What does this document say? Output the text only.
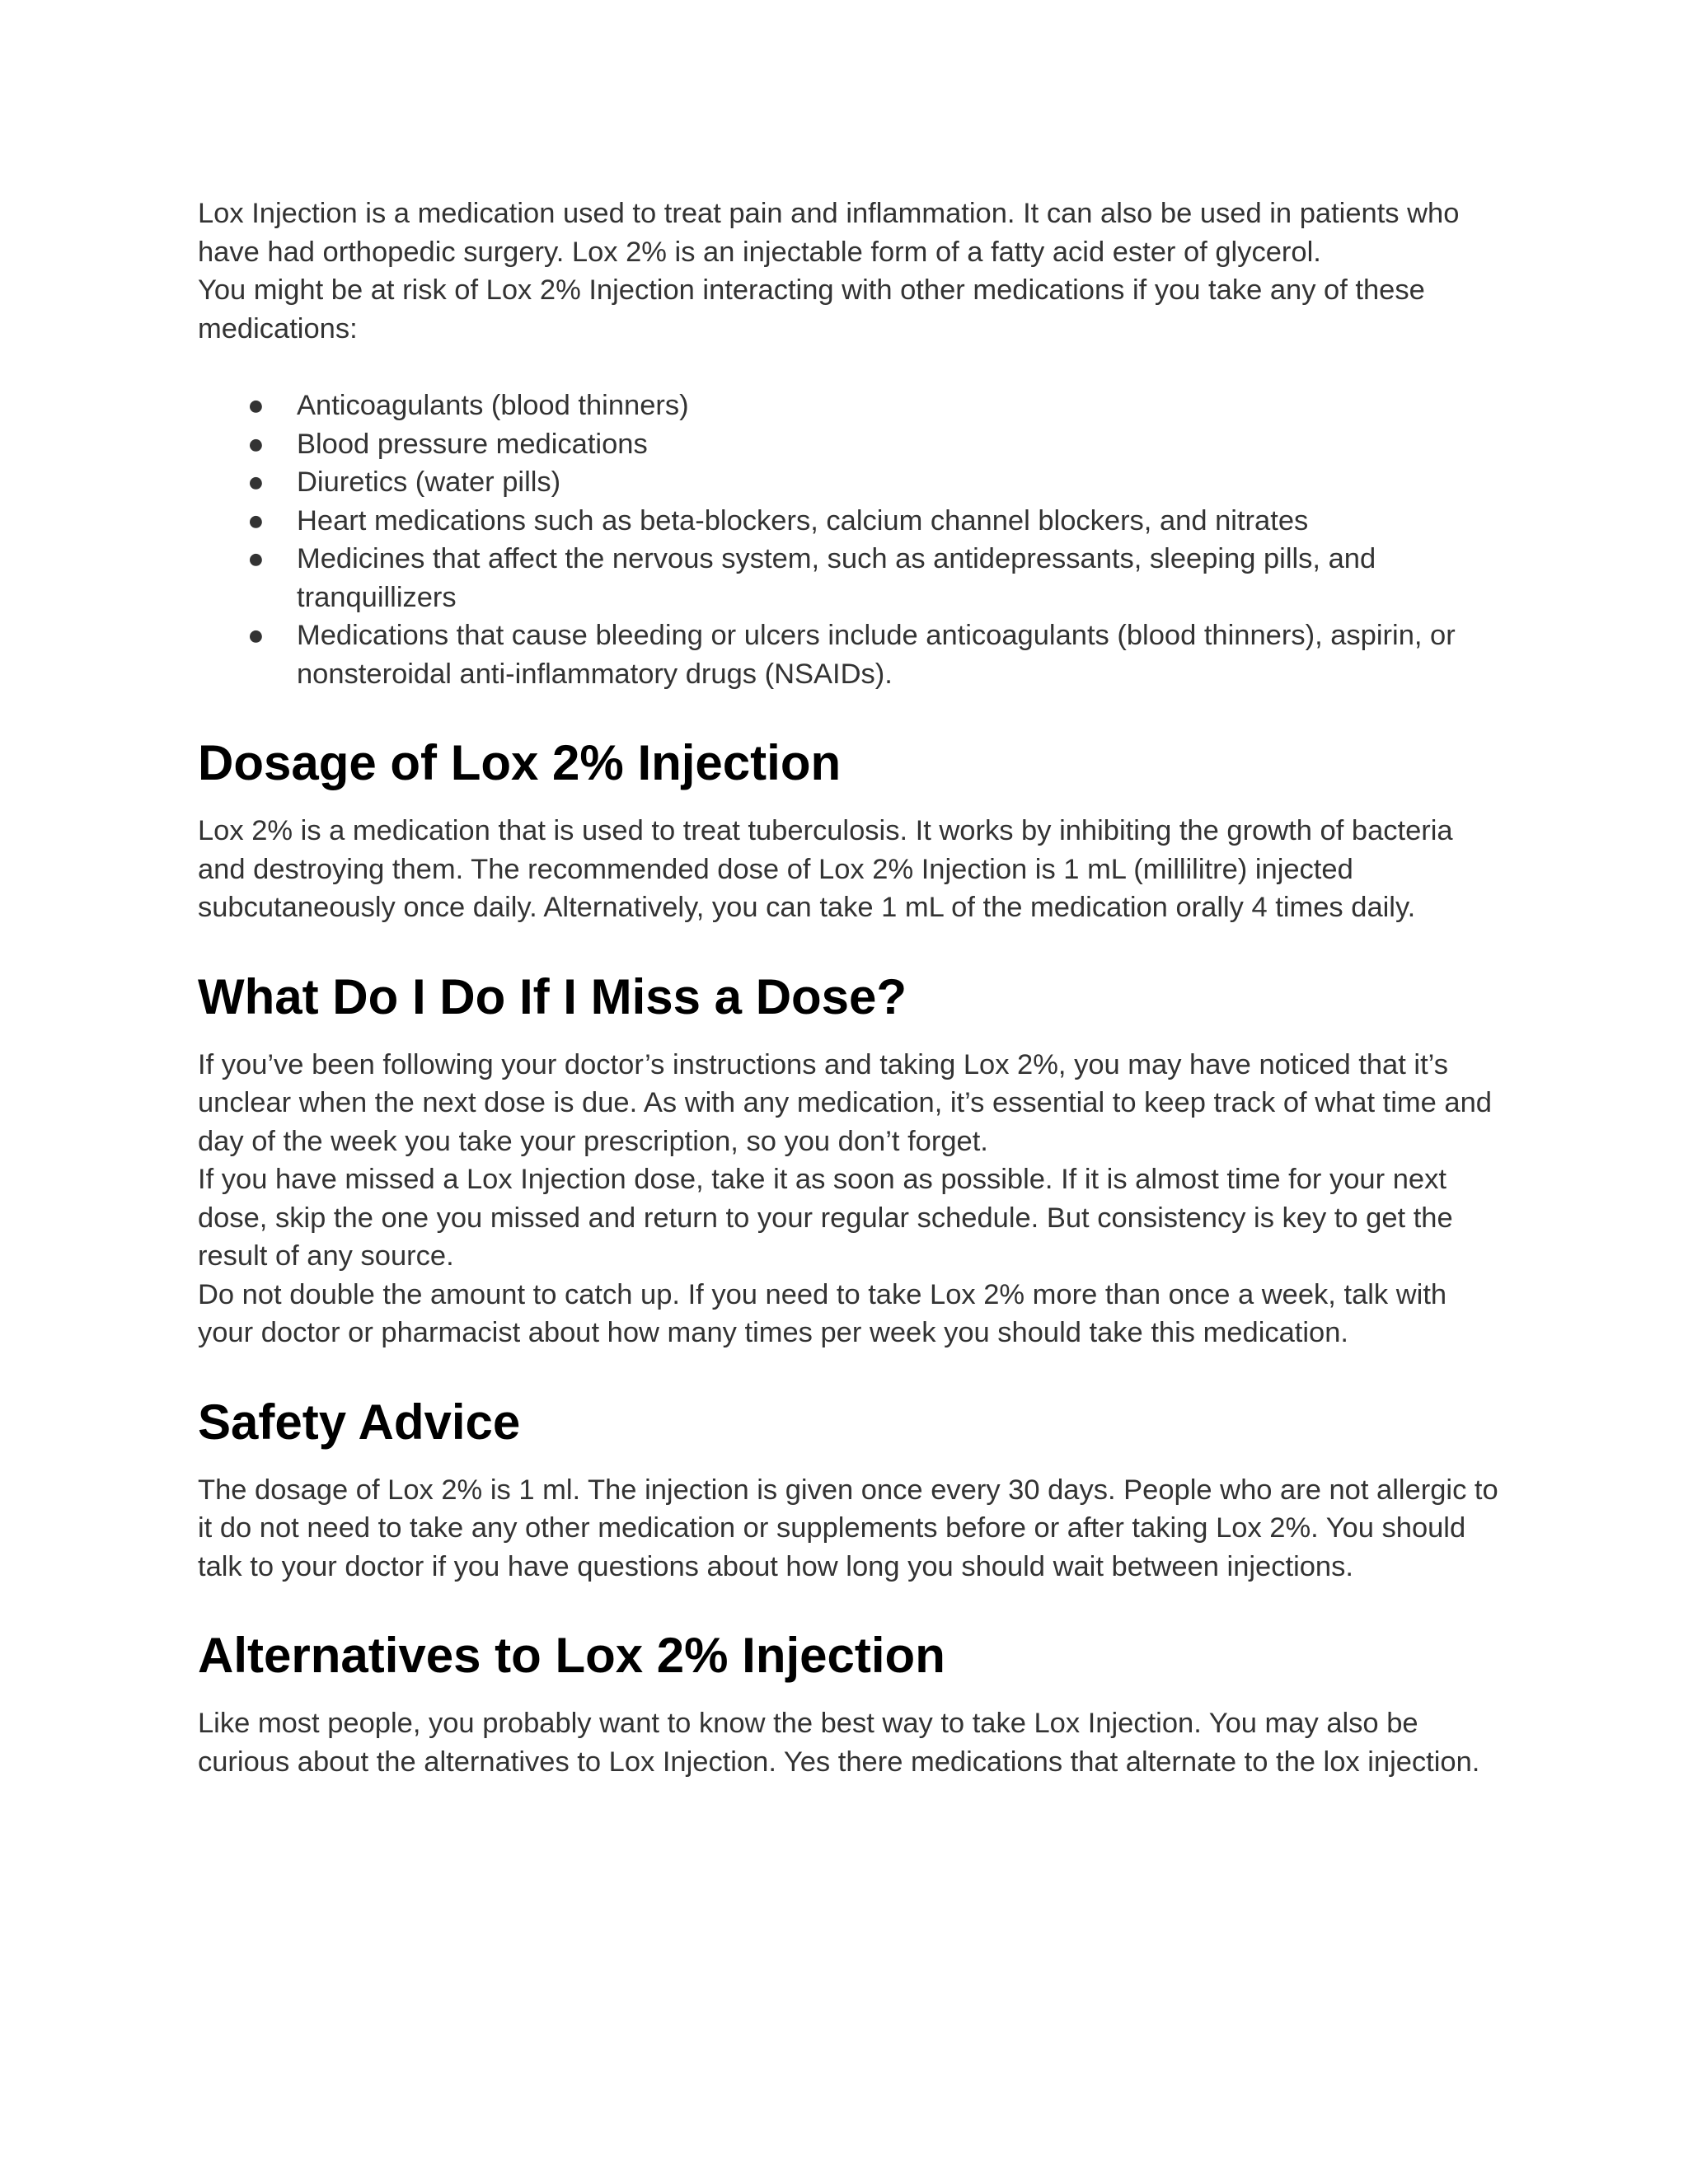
Lox Injection is a medication used to treat pain and inflammation. It can also be used in patients who have had orthopedic surgery. Lox 2% is an injectable form of a fatty acid ester of glycerol.

You might be at risk of Lox 2% Injection interacting with other medications if you take any of these medications:

● Anticoagulants (blood thinners)
● Blood pressure medications
● Diuretics (water pills)
● Heart medications such as beta-blockers, calcium channel blockers, and nitrates
● Medicines that affect the nervous system, such as antidepressants, sleeping pills, and tranquillizers
● Medications that cause bleeding or ulcers include anticoagulants (blood thinners), aspirin, or nonsteroidal anti-inflammatory drugs (NSAIDs).
Dosage of Lox 2% Injection

Lox 2% is a medication that is used to treat tuberculosis. It works by inhibiting the growth of bacteria and destroying them. The recommended dose of Lox 2% Injection is 1 mL (millilitre) injected subcutaneously once daily. Alternatively, you can take 1 mL of the medication orally 4 times daily.

What Do I Do If I Miss a Dose?

If you’ve been following your doctor’s instructions and taking Lox 2%, you may have noticed that it’s unclear when the next dose is due. As with any medication, it’s essential to keep track of what time and day of the week you take your prescription, so you don’t forget.

If you have missed a Lox Injection dose, take it as soon as possible. If it is almost time for your next dose, skip the one you missed and return to your regular schedule. But consistency is key to get the result of any source.

Do not double the amount to catch up. If you need to take Lox 2% more than once a week, talk with your doctor or pharmacist about how many times per week you should take this medication.

Safety Advice

The dosage of Lox 2% is 1 ml. The injection is given once every 30 days. People who are not allergic to it do not need to take any other medication or supplements before or after taking Lox 2%. You should talk to your doctor if you have questions about how long you should wait between injections.

Alternatives to Lox 2% Injection

Like most people, you probably want to know the best way to take Lox Injection. You may also be curious about the alternatives to Lox Injection. Yes there medications that alternate to the lox injection.
